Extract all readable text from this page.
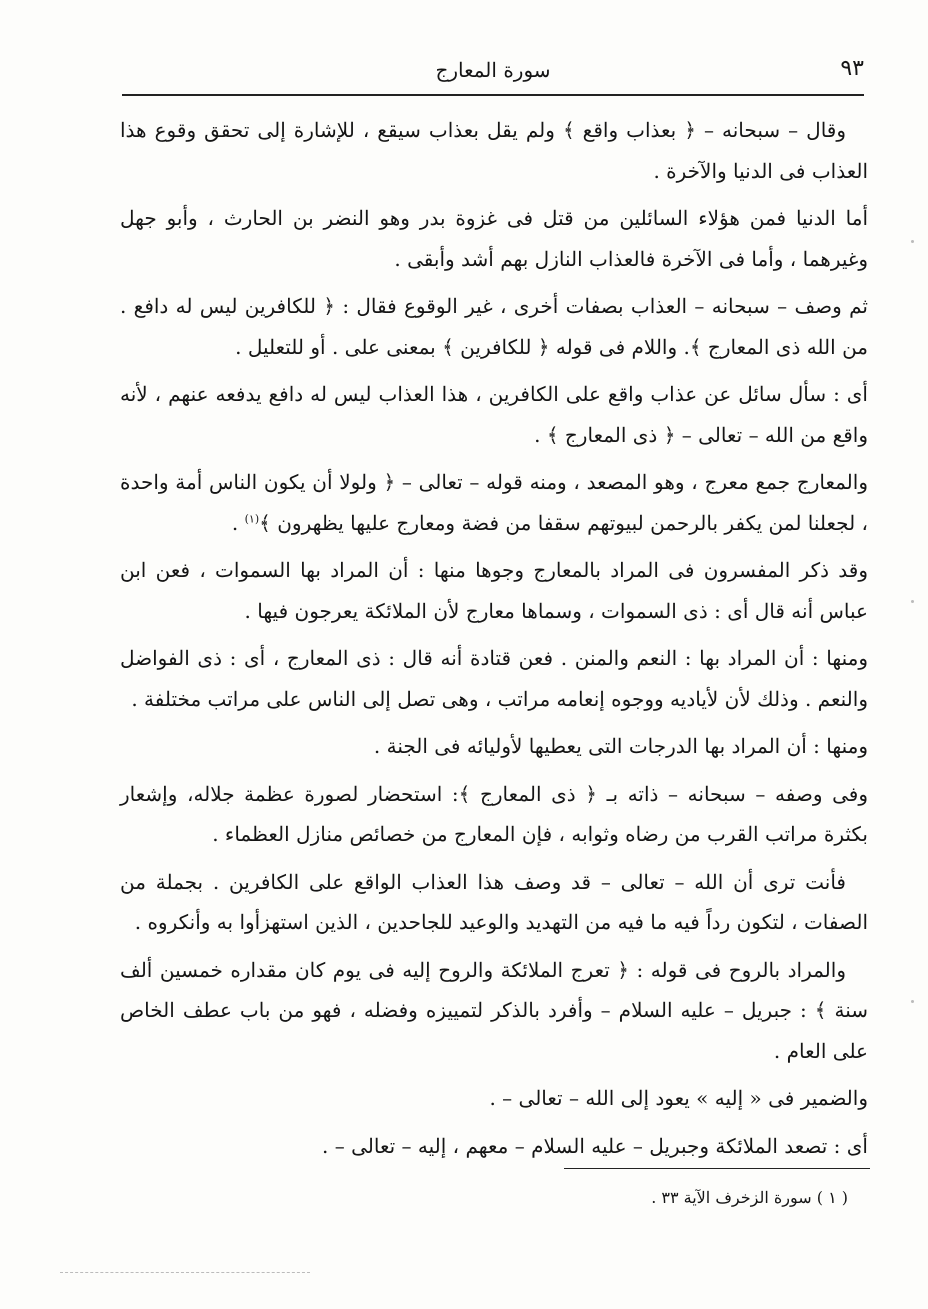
٩٣
سورة المعارج

وقال – سبحانه – ﴿ بعذاب واقع ﴾ ولم يقل بعذاب سيقع ، للإشارة إلى تحقق وقوع هذا العذاب فى الدنيا والآخرة .

أما الدنيا فمن هؤلاء السائلين من قتل فى غزوة بدر وهو النضر بن الحارث ، وأبو جهل وغيرهما ، وأما فى الآخرة فالعذاب النازل بهم أشد وأبقى .

ثم وصف – سبحانه – العذاب بصفات أخرى ، غير الوقوع فقال : ﴿ للكافرين ليس له دافع . من الله ذى المعارج ﴾. واللام فى قوله ﴿ للكافرين ﴾ بمعنى على . أو للتعليل .

أى : سأل سائل عن عذاب واقع على الكافرين ، هذا العذاب ليس له دافع يدفعه عنهم ، لأنه واقع من الله – تعالى – ﴿ ذى المعارج ﴾ .

والمعارج جمع معرج ، وهو المصعد ، ومنه قوله – تعالى – ﴿ ولولا أن يكون الناس أمة واحدة ، لجعلنا لمن يكفر بالرحمن لبيوتهم سقفا من فضة ومعارج عليها يظهرون ﴾$^{(١)}$ .

وقد ذكر المفسرون فى المراد بالمعارج وجوها منها : أن المراد بها السموات ، فعن ابن عباس أنه قال أى : ذى السموات ، وسماها معارج لأن الملائكة يعرجون فيها .

ومنها : أن المراد بها : النعم والمنن . فعن قتادة أنه قال : ذى المعارج ، أى : ذى الفواضل والنعم . وذلك لأن لأياديه ووجوه إنعامه مراتب ، وهى تصل إلى الناس على مراتب مختلفة .

ومنها : أن المراد بها الدرجات التى يعطيها لأوليائه فى الجنة .

وفى وصفه – سبحانه – ذاته بـ ﴿ ذى المعارج ﴾: استحضار لصورة عظمة جلاله، وإشعار بكثرة مراتب القرب من رضاه وثوابه ، فإن المعارج من خصائص منازل العظماء .

فأنت ترى أن الله – تعالى – قد وصف هذا العذاب الواقع على الكافرين . بجملة من الصفات ، لتكون رداً فيه ما فيه من التهديد والوعيد للجاحدين ، الذين استهزأوا به وأنكروه .

والمراد بالروح فى قوله : ﴿ تعرج الملائكة والروح إليه فى يوم كان مقداره خمسين ألف سنة ﴾ : جبريل – عليه السلام – وأفرد بالذكر لتمييزه وفضله ، فهو من باب عطف الخاص على العام .

والضمير فى « إليه » يعود إلى الله – تعالى – .

أى : تصعد الملائكة وجبريل – عليه السلام – معهم ، إليه – تعالى – .

( ١ ) سورة الزخرف الآية ٣٣ .
